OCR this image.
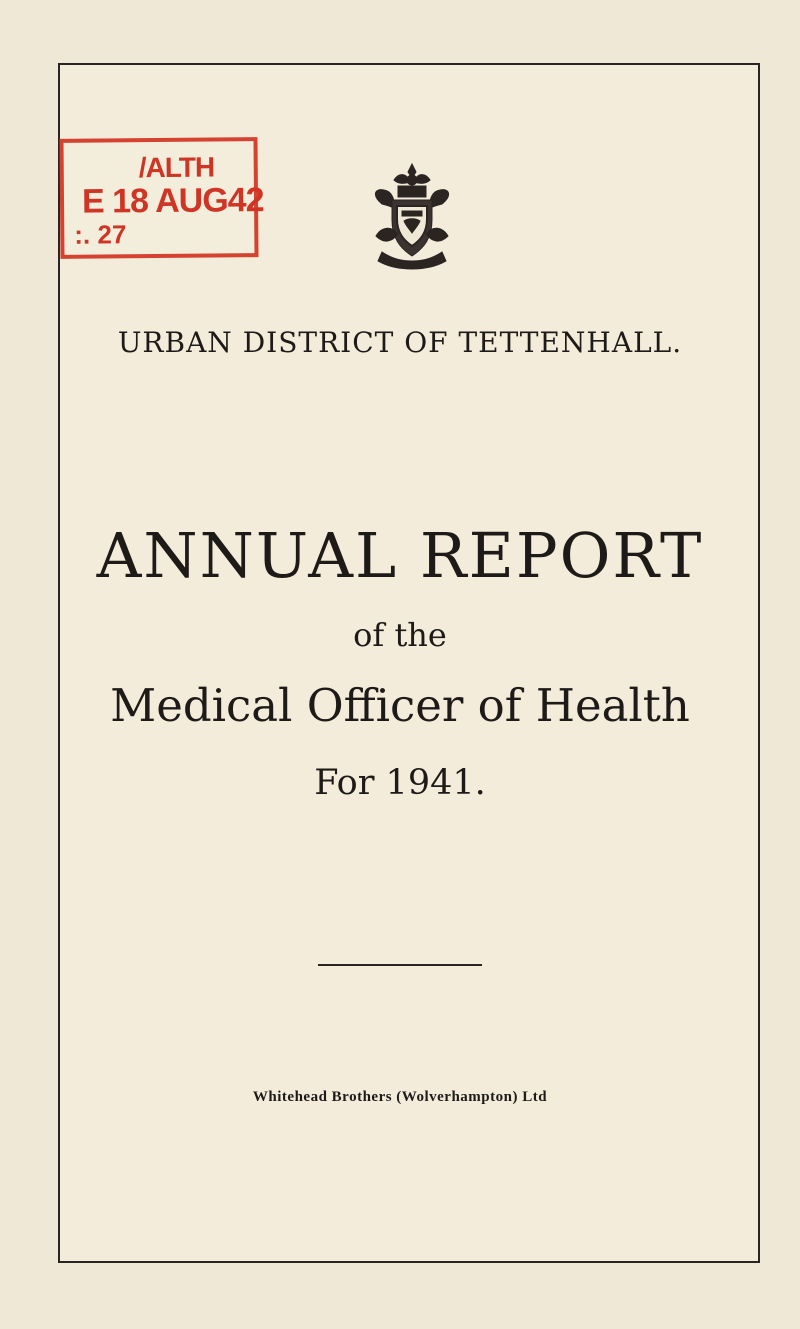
/ALTH
E 18 AUG42
:. 27
URBAN DISTRICT OF TETTENHALL.
ANNUAL REPORT
of the
Medical Officer of Health
For 1941.
Whitehead Brothers (Wolverhampton) Ltd
